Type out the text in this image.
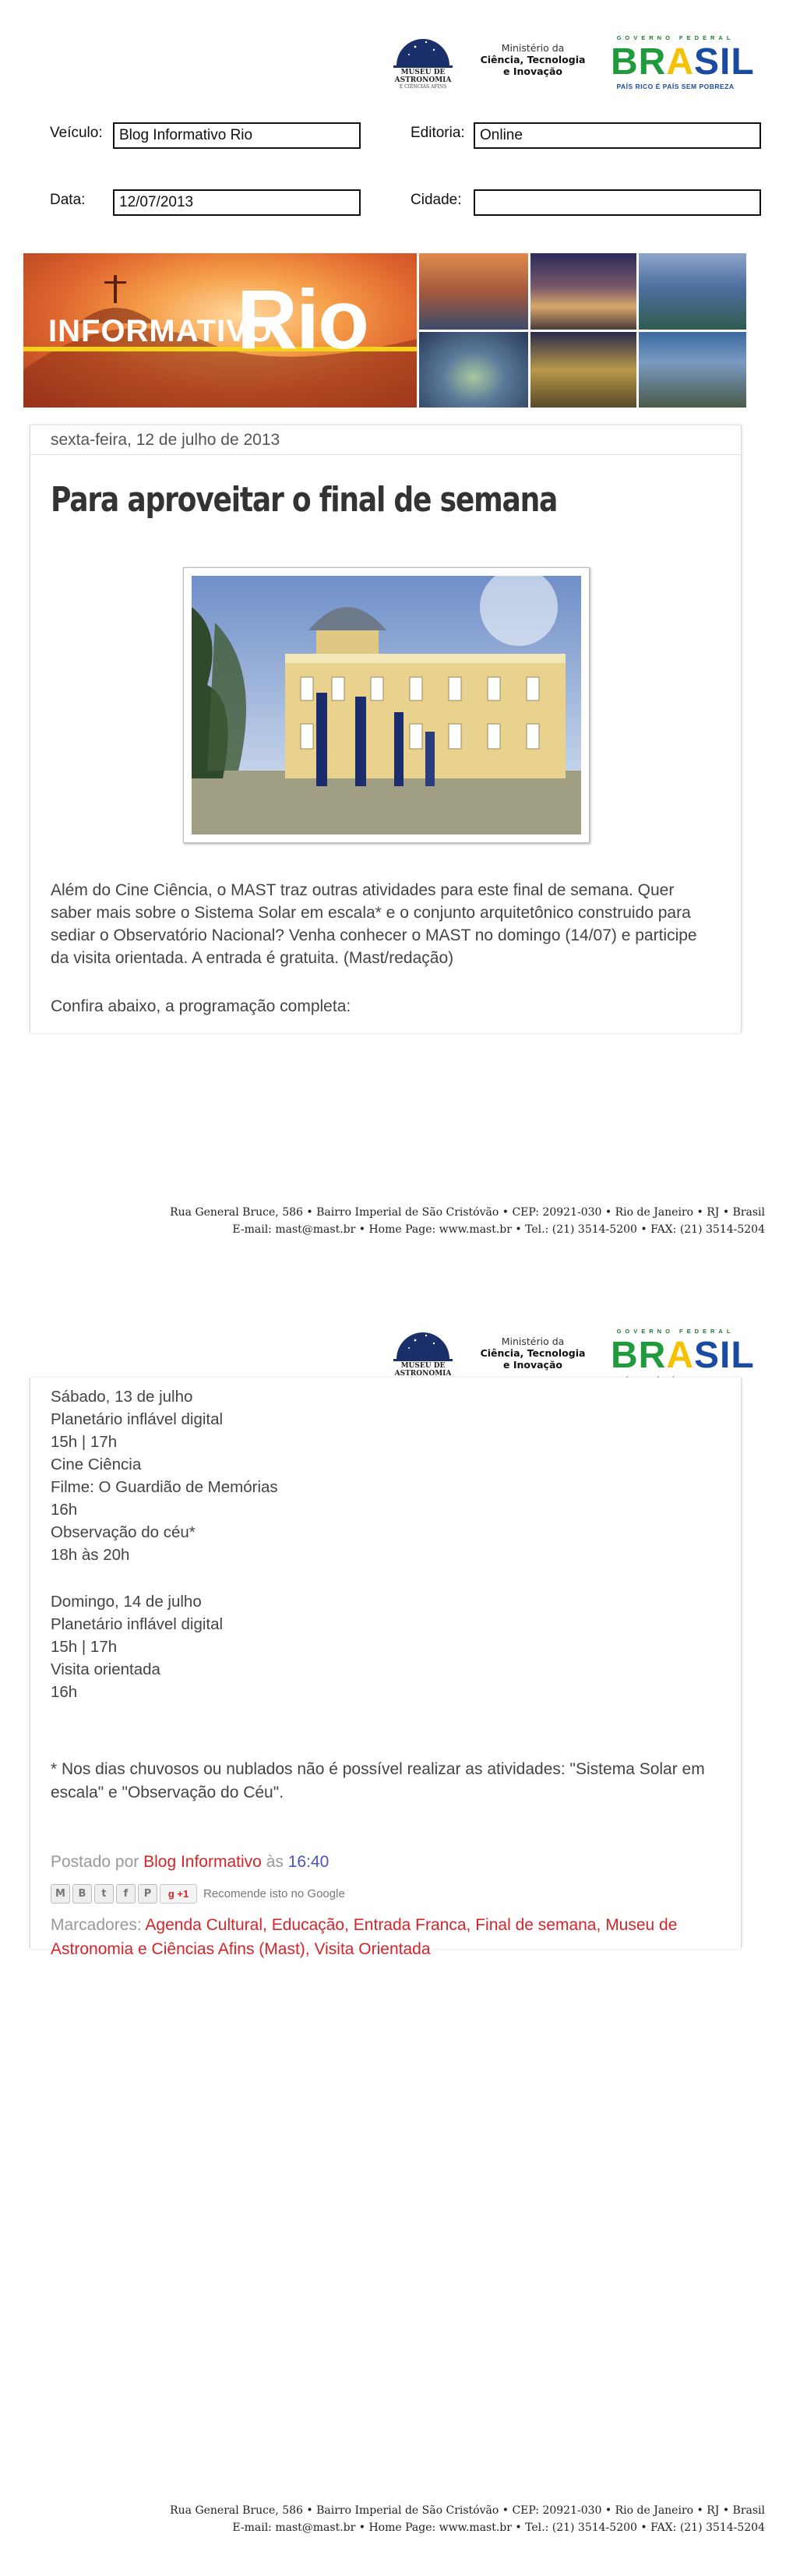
MUSEU DE
ASTRONOMIA
E CIÊNCIAS AFINS
Ministério da
Ciência, Tecnologia
e Inovação
GOVERNO FEDERAL
BRASIL
PAÍS RICO É PAÍS SEM POBREZA
Veículo:	Blog Informativo Rio	Editoria:	Online
Data:	12/07/2013	Cidade:
INFORMATIVO
Rio
sexta-feira, 12 de julho de 2013
Para aproveitar o final de semana
Além do Cine Ciência, o MAST traz outras atividades para este final de semana. Quer
saber mais sobre o Sistema Solar em escala* e o conjunto arquitetônico construido para
sediar o Observatório Nacional? Venha conhecer o MAST no domingo (14/07) e participe
da visita orientada. A entrada é gratuita. (Mast/redação)
Confira abaixo, a programação completa:
Rua General Bruce, 586 • Bairro Imperial de São Cristóvão • CEP: 20921-030 • Rio de Janeiro • RJ • Brasil
E-mail: mast@mast.br • Home Page: www.mast.br • Tel.: (21) 3514-5200 • FAX: (21) 3514-5204
MUSEU DE
ASTRONOMIA
Ministério da
Ciência, Tecnologia
e Inovação
GOVERNO FEDERAL
BRASIL
Sábado, 13 de julho
Planetário inflável digital
15h | 17h
Cine Ciência
Filme: O Guardião de Memórias
16h
Observação do céu*
18h às 20h
Domingo, 14 de julho
Planetário inflável digital
15h | 17h
Visita orientada
16h
* Nos dias chuvosos ou nublados não é possível realizar as atividades: "Sistema Solar em
escala" e "Observação do Céu".
Postado por Blog Informativo às 16:40
M	B	t	f	P	g +1	Recomende isto no Google
Marcadores: Agenda Cultural, Educação, Entrada Franca, Final de semana, Museu de Astronomia e Ciências Afins (Mast), Visita Orientada
Rua General Bruce, 586 • Bairro Imperial de São Cristóvão • CEP: 20921-030 • Rio de Janeiro • RJ • Brasil
E-mail: mast@mast.br • Home Page: www.mast.br • Tel.: (21) 3514-5200 • FAX: (21) 3514-5204
